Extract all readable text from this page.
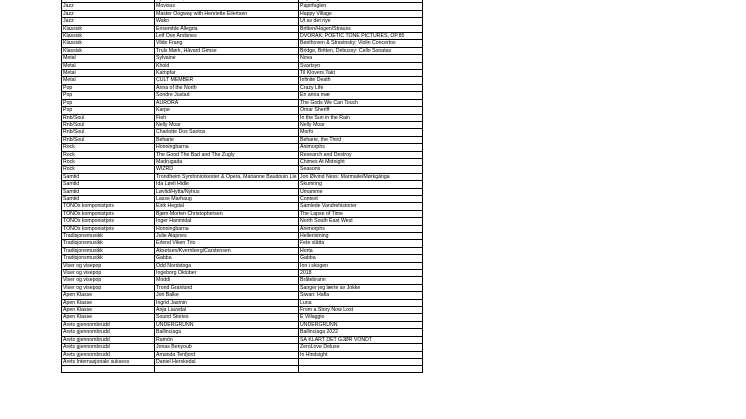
Jazz	Movisus	Papirfuglen
Jazz	Master Oogway with Henriette Eilertsen	Happy Village
Jazz	Wako	Ut av det nye
Klassisk	Ensemble Allegria	Britten/Hagen/Strauss
Klassisk	Leif Ove Andsnes	DVOŘÁK: POETIC TONE PICTURES, OP.85
Klassisk	Vilde Frang	Beethoven & Stravinsky: Violin Concertos
Klassisk	Truls Mørk, Håvard Gimse	Bridge, Britten, Debussy: Cello Sonatas
Metal	Sylvaine	Nova
Metal	Khold	Svartsyn
Metal	Kampfar	Til Klovers Takt
Metal	CULT MEMBER	Infinite Death
Pop	Anna of the North	Crazy Life
Pop	Sondre Justad	En anna mæ
Pop	AURORA	The Gods We Can Touch
Pop	Karpe	Omar Sheriff
Rnb/Soul	Fieh	In the Sun in the Rain
Rnb/Soul	Nelly Moar	Nelly Moar
Rnb/Soul	Charlotte Dos Santos	Morfo
Rnb/Soul	Beharie	Beharie, the Third
Rock	Honningbarna	Animorphs
Rock	The Good The Bad and The Zugly	Research and Destroy
Rock	Madrugada	Chimes At Midnight
Rock	WIZRD	Seasons
Samtid	Trondheim Symfoniorkester & Opera, Marianne Baudouin Lie	Jon Øivind Ness: Marmaile/Mørkgånga
Samtid	Ida Løvli Hidle	Skumring
Samtid	Løvlid/Hytta/Nyhus	Ümamme
Samtid	Lasse Marhaug	Context
TONOs komponistpris	Eirik Hegdal	Samlede Vandrehistorier
TONOs komponistpris	Bjørn Morten Christophersen	The Lapse of Time
TONOs komponistpris	Inger Hanmidal	North South East West
TONOs komponistpris	Honningbarna	Animorphs
Tradisjonsmusikk	Julie Alapnes	Helleristning
Tradisjonsmusikk	Erlend Viken Trio	Fete slåtta
Tradisjonsmusikk	Aksetsen/Kvernberg/Carstensen	Horta
Tradisjonsmusikk	Gabba	Gabba
Viser og visepop	Odd Nordstoga	Inn i skogen
Viser og visepop	Ingeborg Oktober	2018
Viser og visepop	Moddi	Bråtebrann
Viser og visepop	Trond Granlund	Sanger jeg lærte av Jokke
Åpen Klasse	Jon Balke	Siwan: Hafla
Åpen Klasse	Ingrid Jasmin	Luna
Åpen Klasse	Anja Lauvdal	From a Story Now Lost
Åpen Klasse	Sound Stories	E Villaggio
Årets gjennombrudd	UNDERGRUNN	UNDERGRUNN
Årets gjennombrudd	Ballinciaga	Ballinciaga 2022
Årets gjennombrudd	Ramón	SÅ KLART DET GJØR VONDT
Årets gjennombrudd	Jonas Benyoub	ZeroLove Deluxe
Årets gjennombrudd	Amanda Tenfjord	In Hindsight
Årets Internasjonale suksess	Daniel Herskedal	
